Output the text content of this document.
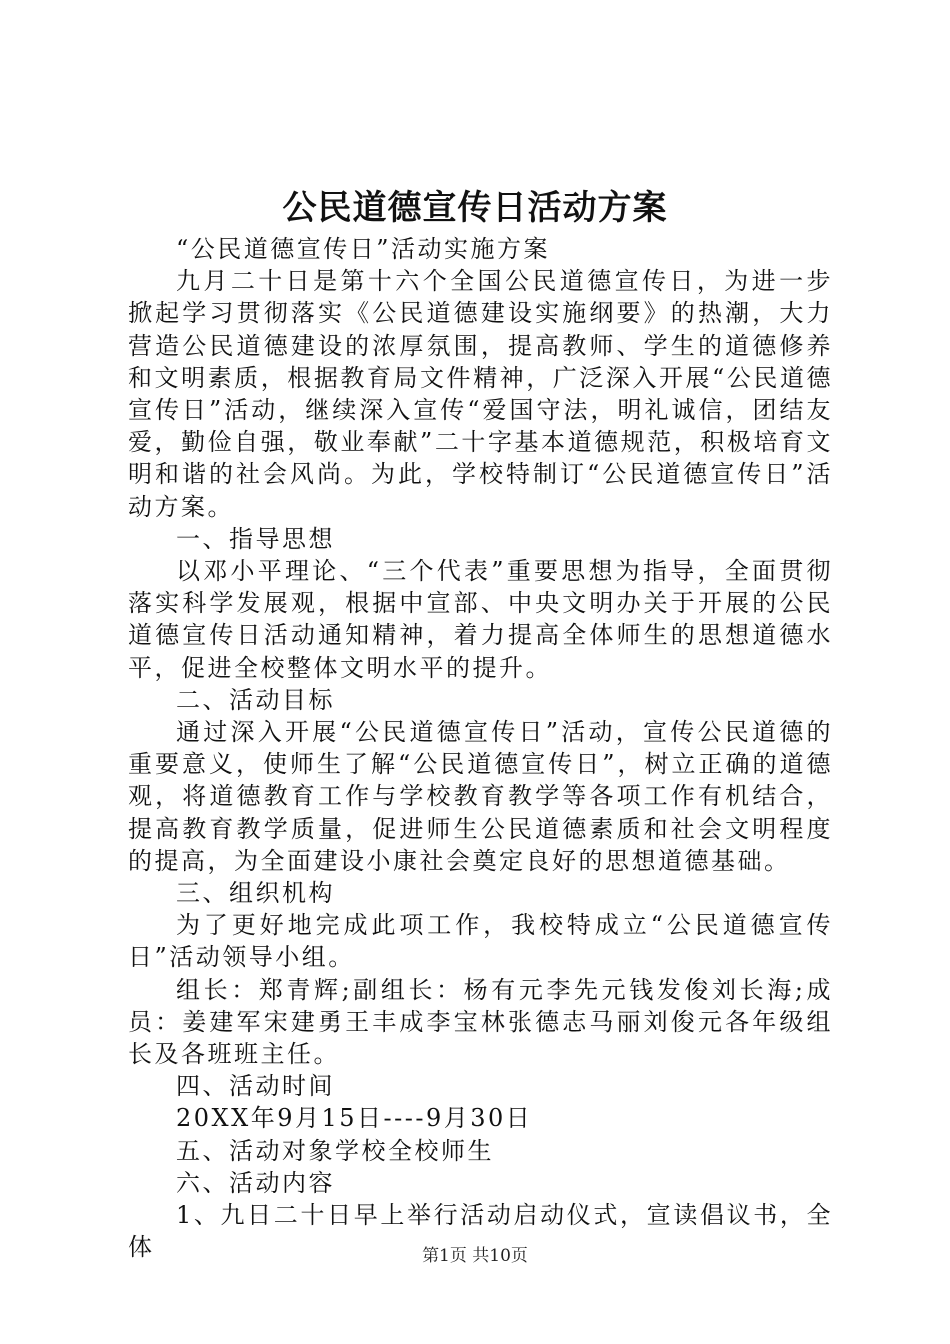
公民道德宣传日活动方案

“公民道德宣传日”活动实施方案

九月二十日是第十六个全国公民道德宣传日，为进一步掀起学习贯彻落实《公民道德建设实施纲要》的热潮，大力营造公民道德建设的浓厚氛围，提高教师、学生的道德修养和文明素质，根据教育局文件精神，广泛深入开展“公民道德宣传日”活动，继续深入宣传“爱国守法，明礼诚信，团结友爱，勤俭自强，敬业奉献”二十字基本道德规范，积极培育文明和谐的社会风尚。为此，学校特制订“公民道德宣传日”活动方案。

一、指导思想

以邓小平理论、“三个代表”重要思想为指导，全面贯彻落实科学发展观，根据中宣部、中央文明办关于开展的公民道德宣传日活动通知精神，着力提高全体师生的思想道德水平，促进全校整体文明水平的提升。

二、活动目标

通过深入开展“公民道德宣传日”活动，宣传公民道德的重要意义，使师生了解“公民道德宣传日”，树立正确的道德观，将道德教育工作与学校教育教学等各项工作有机结合，提高教育教学质量，促进师生公民道德素质和社会文明程度的提高，为全面建设小康社会奠定良好的思想道德基础。

三、组织机构

为了更好地完成此项工作，我校特成立“公民道德宣传日”活动领导小组。

组长：郑青辉;副组长：杨有元李先元钱发俊刘长海;成员：姜建军宋建勇王丰成李宝林张德志马丽刘俊元各年级组长及各班班主任。

四、活动时间

20XX年9月15日----9月30日

五、活动对象学校全校师生

六、活动内容

1、九日二十日早上举行活动启动仪式，宣读倡议书，全体	第1页 共10页
